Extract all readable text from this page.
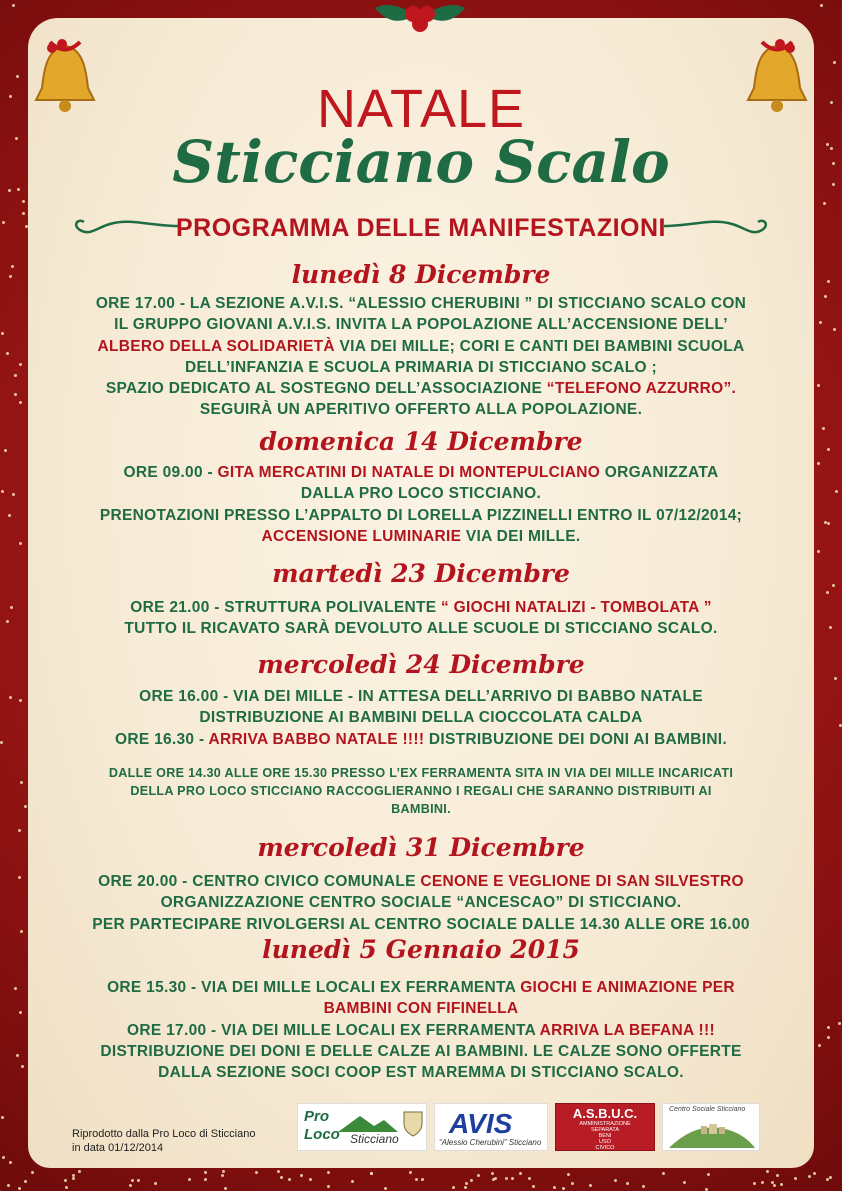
NATALE
Sticciano Scalo
PROGRAMMA DELLE MANIFESTAZIONI
lunedì 8 Dicembre
ORE 17.00 - LA SEZIONE A.V.I.S. “ALESSIO CHERUBINI ” DI STICCIANO SCALO CON
IL GRUPPO GIOVANI A.V.I.S. INVITA LA POPOLAZIONE ALL’ACCENSIONE DELL’
ALBERO DELLA SOLIDARIETÀ VIA DEI MILLE; CORI E CANTI DEI BAMBINI SCUOLA
DELL’INFANZIA E SCUOLA PRIMARIA DI STICCIANO SCALO ;
SPAZIO DEDICATO AL SOSTEGNO DELL’ASSOCIAZIONE “TELEFONO AZZURRO”.
SEGUIRÀ UN APERITIVO OFFERTO ALLA POPOLAZIONE.
domenica 14 Dicembre
ORE 09.00 - GITA MERCATINI DI NATALE DI MONTEPULCIANO ORGANIZZATA
DALLA PRO LOCO STICCIANO.
PRENOTAZIONI PRESSO L’APPALTO DI LORELLA PIZZINELLI ENTRO IL 07/12/2014;
ACCENSIONE LUMINARIE VIA DEI MILLE.
martedì 23 Dicembre
ORE 21.00 - STRUTTURA POLIVALENTE “ GIOCHI NATALIZI - TOMBOLATA ”
TUTTO IL RICAVATO SARÀ DEVOLUTO ALLE SCUOLE DI STICCIANO SCALO.
mercoledì 24 Dicembre
ORE 16.00 - VIA DEI MILLE - IN ATTESA DELL’ARRIVO DI BABBO NATALE
DISTRIBUZIONE AI BAMBINI DELLA CIOCCOLATA CALDA
ORE 16.30 - ARRIVA BABBO NATALE !!!! DISTRIBUZIONE DEI DONI AI BAMBINI.
DALLE ORE 14.30 ALLE ORE 15.30 PRESSO L’EX FERRAMENTA SITA IN VIA DEI MILLE INCARICATI
DELLA PRO LOCO STICCIANO RACCOGLIERANNO I REGALI CHE SARANNO DISTRIBUITI AI
BAMBINI.
mercoledì 31 Dicembre
ORE 20.00 - CENTRO CIVICO COMUNALE CENONE E VEGLIONE DI SAN SILVESTRO
ORGANIZZAZIONE CENTRO SOCIALE “ANCESCAO” DI STICCIANO.
PER PARTECIPARE RIVOLGERSI AL CENTRO SOCIALE DALLE 14.30 ALLE ORE 16.00
lunedì 5 Gennaio 2015
ORE 15.30 - VIA DEI MILLE LOCALI EX FERRAMENTA GIOCHI E ANIMAZIONE PER
BAMBINI CON FIFINELLA
ORE 17.00 - VIA DEI MILLE LOCALI EX FERRAMENTA ARRIVA LA BEFANA !!!
DISTRIBUZIONE DEI DONI E DELLE CALZE AI BAMBINI. LE CALZE SONO OFFERTE
DALLA SEZIONE SOCI COOP EST MAREMMA DI STICCIANO SCALO.
Riprodotto dalla Pro Loco di Sticciano
in data 01/12/2014
Pro
Loco Sticciano AVIS
“Alessio Cherubini” Sticciano
A.S.B.U.C.
AMMINISTRAZIONE
SEPARATA
BENI
USO
CIVICO
Centro Sociale Sticciano
